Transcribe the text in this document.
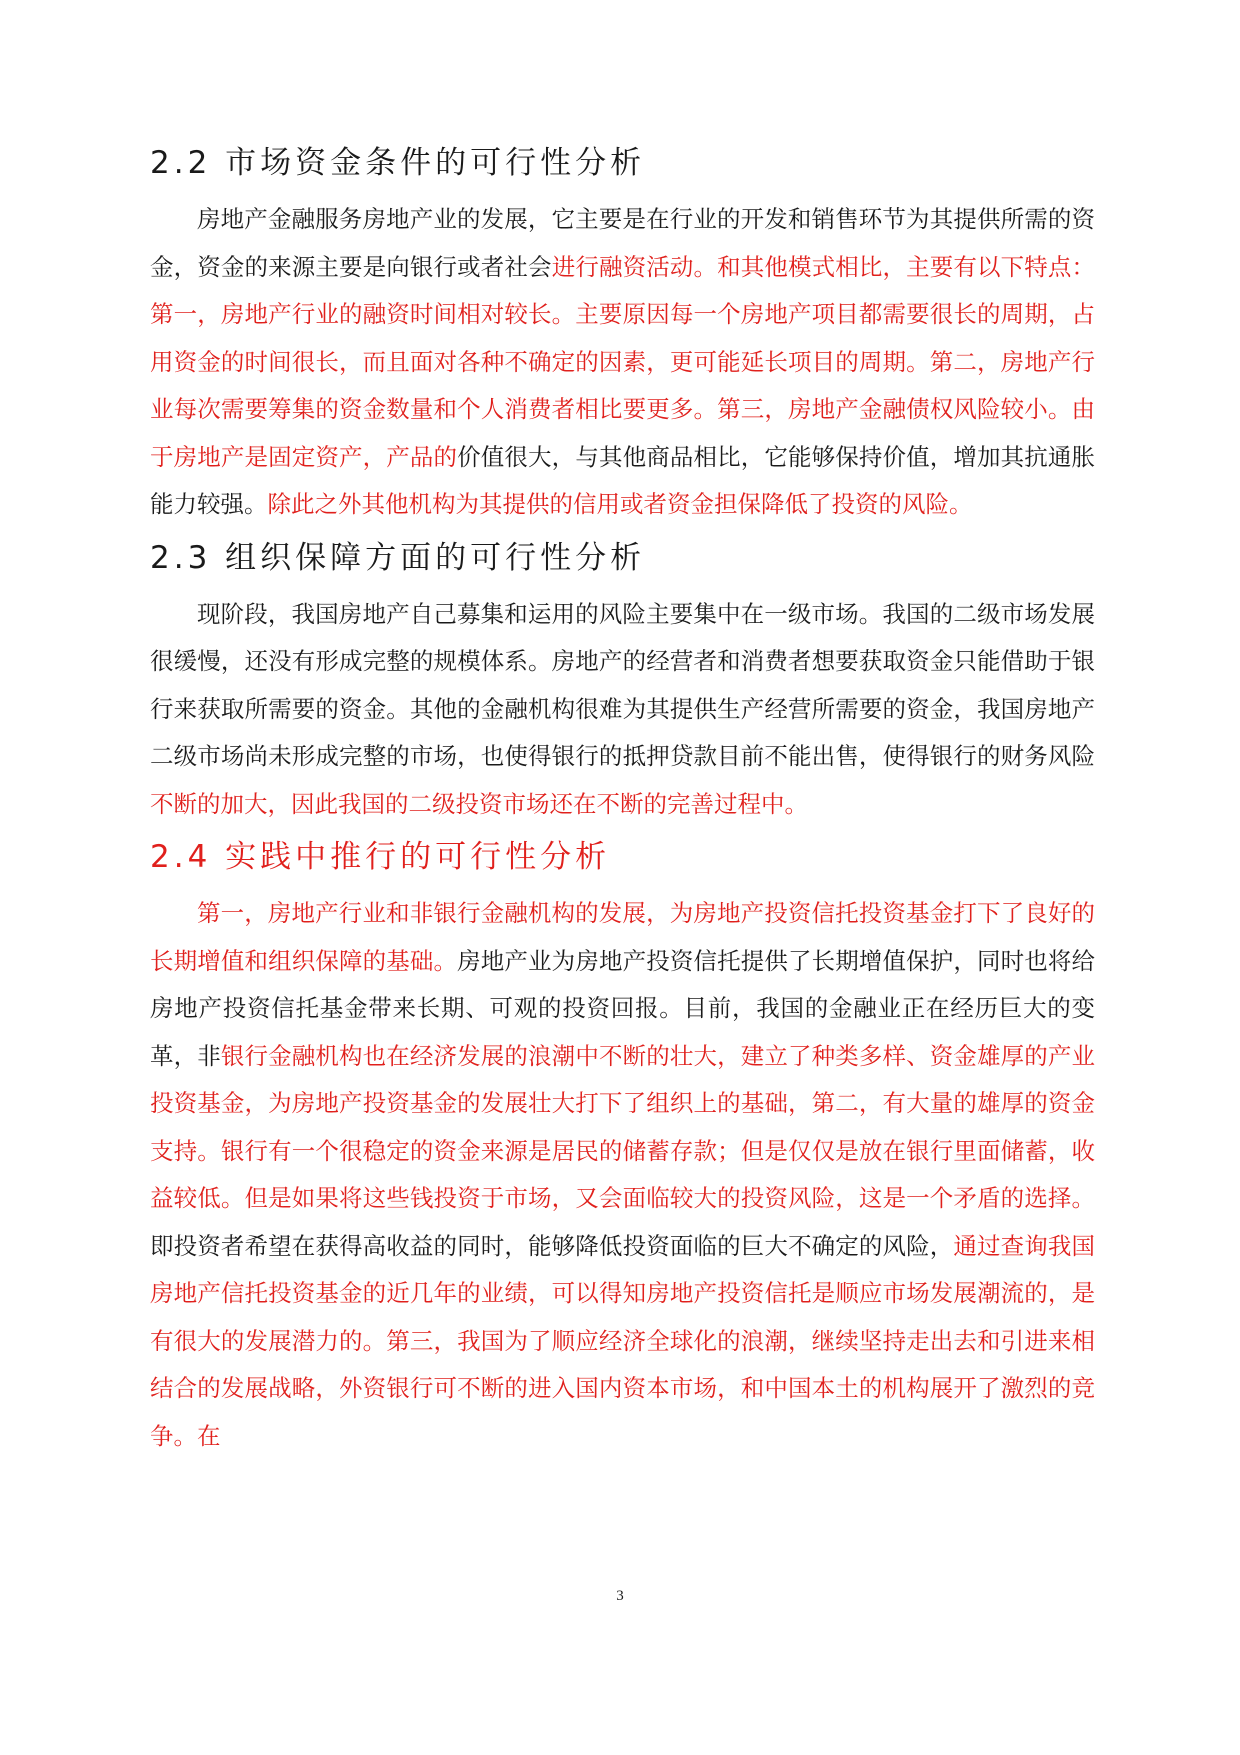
2.2 市场资金条件的可行性分析

房地产金融服务房地产业的发展，它主要是在行业的开发和销售环节为其提供所需的资金，资金的来源主要是向银行或者社会进行融资活动。和其他模式相比，主要有以下特点：第一，房地产行业的融资时间相对较长。主要原因每一个房地产项目都需要很长的周期，占用资金的时间很长，而且面对各种不确定的因素，更可能延长项目的周期。第二，房地产行业每次需要筹集的资金数量和个人消费者相比要更多。第三，房地产金融债权风险较小。由于房地产是固定资产，产品的价值很大，与其他商品相比，它能够保持价值，增加其抗通胀能力较强。除此之外其他机构为其提供的信用或者资金担保降低了投资的风险。

2.3 组织保障方面的可行性分析

现阶段，我国房地产自己募集和运用的风险主要集中在一级市场。我国的二级市场发展很缓慢，还没有形成完整的规模体系。房地产的经营者和消费者想要获取资金只能借助于银行来获取所需要的资金。其他的金融机构很难为其提供生产经营所需要的资金，我国房地产二级市场尚未形成完整的市场，也使得银行的抵押贷款目前不能出售，使得银行的财务风险不断的加大，因此我国的二级投资市场还在不断的完善过程中。

2.4 实践中推行的可行性分析

第一，房地产行业和非银行金融机构的发展，为房地产投资信托投资基金打下了良好的长期增值和组织保障的基础。房地产业为房地产投资信托提供了长期增值保护，同时也将给房地产投资信托基金带来长期、可观的投资回报。目前，我国的金融业正在经历巨大的变革，非银行金融机构也在经济发展的浪潮中不断的壮大，建立了种类多样、资金雄厚的产业投资基金，为房地产投资基金的发展壮大打下了组织上的基础，第二，有大量的雄厚的资金支持。银行有一个很稳定的资金来源是居民的储蓄存款；但是仅仅是放在银行里面储蓄，收益较低。但是如果将这些钱投资于市场，又会面临较大的投资风险，这是一个矛盾的选择。即投资者希望在获得高收益的同时，能够降低投资面临的巨大不确定的风险，通过查询我国房地产信托投资基金的近几年的业绩，可以得知房地产投资信托是顺应市场发展潮流的，是有很大的发展潜力的。第三，我国为了顺应经济全球化的浪潮，继续坚持走出去和引进来相结合的发展战略，外资银行可不断的进入国内资本市场，和中国本土的机构展开了激烈的竞争。在

3
